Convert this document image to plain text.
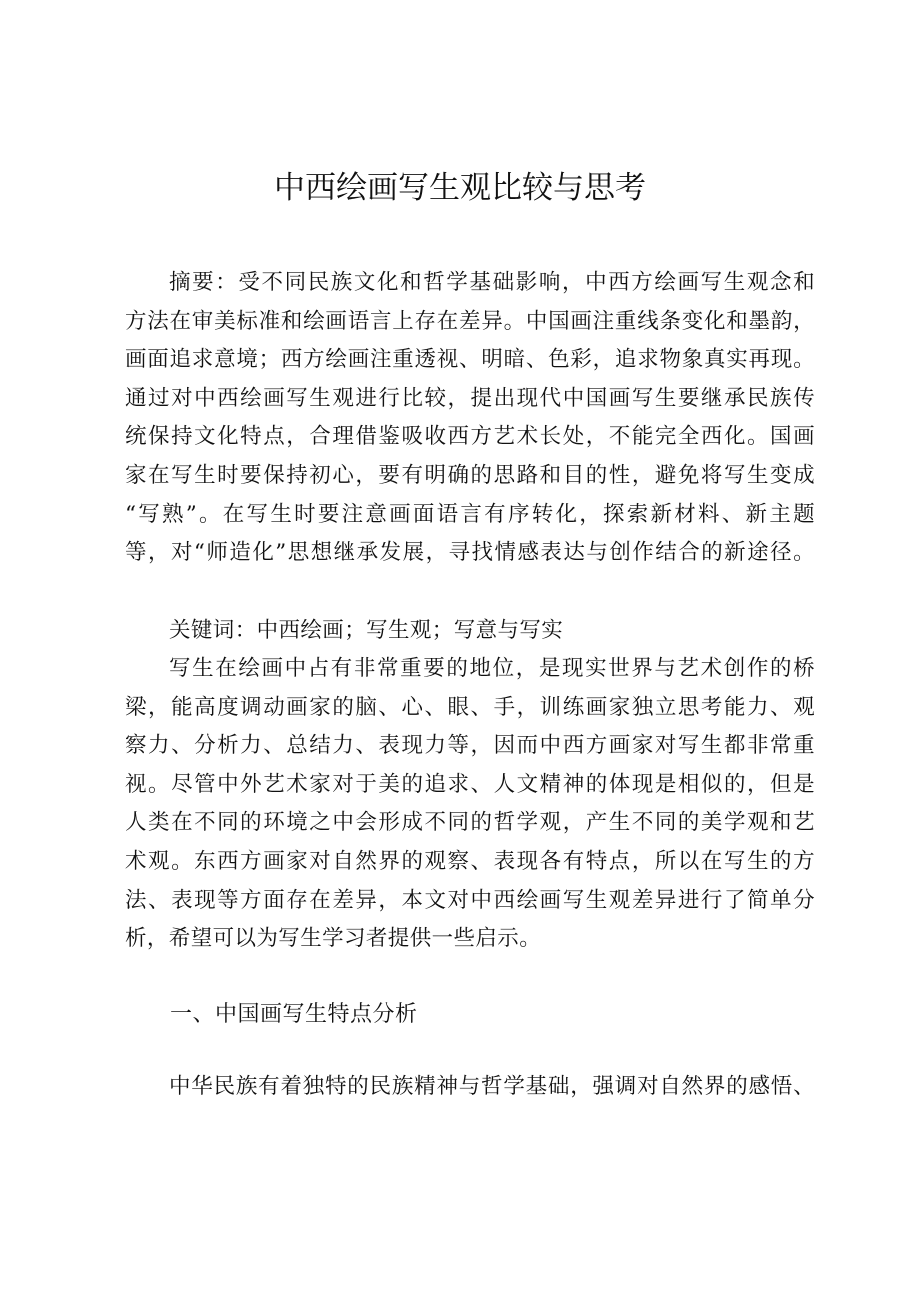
中西绘画写生观比较与思考
摘要：受不同民族文化和哲学基础影响，中西方绘画写生观念和
方法在审美标准和绘画语言上存在差异。中国画注重线条变化和墨韵，
画面追求意境；西方绘画注重透视、明暗、色彩，追求物象真实再现。
通过对中西绘画写生观进行比较，提出现代中国画写生要继承民族传
统保持文化特点，合理借鉴吸收西方艺术长处，不能完全西化。国画
家在写生时要保持初心，要有明确的思路和目的性，避免将写生变成
“写熟”。在写生时要注意画面语言有序转化，探索新材料、新主题
等，对“师造化”思想继承发展，寻找情感表达与创作结合的新途径。
关键词：中西绘画；写生观；写意与写实
写生在绘画中占有非常重要的地位，是现实世界与艺术创作的桥
梁，能高度调动画家的脑、心、眼、手，训练画家独立思考能力、观
察力、分析力、总结力、表现力等，因而中西方画家对写生都非常重
视。尽管中外艺术家对于美的追求、人文精神的体现是相似的，但是
人类在不同的环境之中会形成不同的哲学观，产生不同的美学观和艺
术观。东西方画家对自然界的观察、表现各有特点，所以在写生的方
法、表现等方面存在差异，本文对中西绘画写生观差异进行了简单分
析，希望可以为写生学习者提供一些启示。
一、中国画写生特点分析
中华民族有着独特的民族精神与哲学基础，强调对自然界的感悟、
